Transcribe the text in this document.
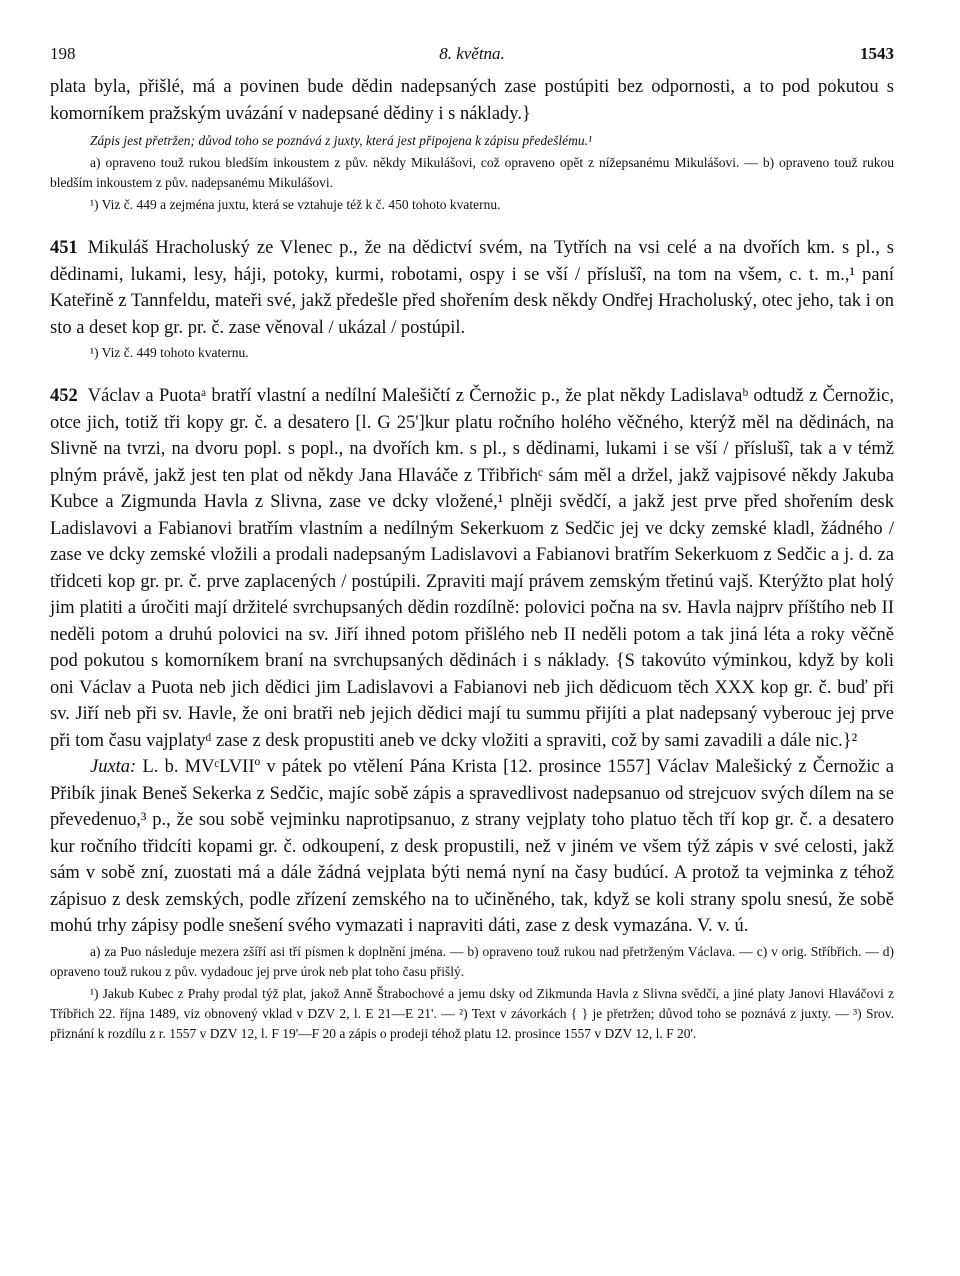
198	8. května.	1543

plata byla, přišlé, má a povinen bude dědin nadepsaných zase postúpiti bez odpornosti, a to pod pokutou s komorníkem pražským uvázání v nadepsané dědiny i s náklady.}

Zápis jest přetržen; důvod toho se poznává z juxty, která jest připojena k zápisu předešlému.¹

a) opraveno touž rukou bledším inkoustem z pův. někdy Mikulášovi, což opraveno opět z nížepsanému Mikulášovi. — b) opraveno touž rukou bledším inkoustem z pův. nadepsanému Mikulášovi.

¹) Viz č. 449 a zejména juxtu, která se vztahuje též k č. 450 tohoto kvaternu.

451 Mikuláš Hracholuský ze Vlenec p., že na dědictví svém, na Tytřích na vsi celé a na dvořích km. s pl., s dědinami, lukami, lesy, háji, potoky, kurmi, robotami, ospy i se vší / příslušî, na tom na všem, c. t. m.,¹ paní Kateřině z Tannfeldu, mateři své, jakž předešle před shořením desk někdy Ondřej Hracholuský, otec jeho, tak i on sto a deset kop gr. pr. č. zase věnoval / ukázal / postúpil.

¹) Viz č. 449 tohoto kvaternu.

452 Václav a Puotaᵃ bratří vlastní a nedílní Malešičtí z Černožic p., že plat někdy Ladislavaᵇ odtudž z Černožic, otce jich, totiž tři kopy gr. č. a desatero [l. G 25']kur platu ročního holého věčného, kterýž měl na dědinách, na Slivně na tvrzi, na dvoru popl. s popl., na dvořích km. s pl., s dědinami, lukami i se vší / příslušî, tak a v témž plným právě, jakž jest ten plat od někdy Jana Hlaváče z Třibřichᶜ sám měl a držel, jakž vajpisové někdy Jakuba Kubce a Zigmunda Havla z Slivna, zase ve dcky vložené,¹ plněji svědčí, a jakž jest prve před shořením desk Ladislavovi a Fabianovi bratřím vlastním a nedílným Sekerkuom z Sedčic jej ve dcky zemské kladl, žádného / zase ve dcky zemské vložili a prodali nadepsaným Ladislavovi a Fabianovi bratřím Sekerkuom z Sedčic a j. d. za třidceti kop gr. pr. č. prve zaplacených / postúpili. Zpraviti mají právem zemským třetinú vajš. Kterýžto plat holý jim platiti a úročiti mají držitelé svrchupsaných dědin rozdílně: polovici počna na sv. Havla najprv příštího neb II neděli potom a druhú polovici na sv. Jiří ihned potom přišlého neb II neděli potom a tak jiná léta a roky věčně pod pokutou s komorníkem braní na svrchupsaných dědinách i s náklady. {S takovúto výminkou, když by koli oni Václav a Puota neb jich dědici jim Ladislavovi a Fabianovi neb jich dědicuom těch XXX kop gr. č. buď při sv. Jiří neb při sv. Havle, že oni bratři neb jejich dědici mají tu summu přijíti a plat nadepsaný vyberouc jej prve při tom času vajplatyᵈ zase z desk propustiti aneb ve dcky vložiti a spraviti, což by sami zavadili a dále nic.}²

Juxta: L. b. MVᶜLVIIº v pátek po vtělení Pána Krista [12. prosince 1557] Václav Malešický z Černožic a Přibík jinak Beneš Sekerka z Sedčic, majíc sobě zápis a spravedlivost nadepsanuo od strejcuov svých dílem na se převedenuo,³ p., že sou sobě vejminku naprotipsanuo, z strany vejplaty toho platuo těch tří kop gr. č. a desatero kur ročního třidcíti kopami gr. č. odkoupení, z desk propustili, než v jiném ve všem týž zápis v své celosti, jakž sám v sobě zní, zuostati má a dále žádná vejplata býti nemá nyní na časy budúcí. A protož ta vejminka z téhož zápisuo z desk zemských, podle zřízení zemského na to učiněného, tak, když se koli strany spolu snesú, že sobě mohú trhy zápisy podle snešení svého vymazati i napraviti dáti, zase z desk vymazána. V. v. ú.

a) za Puo následuje mezera zšíří asi tří písmen k doplnění jména. — b) opraveno touž rukou nad přetrženým Václava. — c) v orig. Stříbřich. — d) opraveno touž rukou z pův. vydadouc jej prve úrok neb plat toho času přišlý.

¹) Jakub Kubec z Prahy prodal týž plat, jakož Anně Štrabochové a jemu dsky od Zikmunda Havla z Slivna svědčí, a jiné platy Janovi Hlaváčovi z Tříbřich 22. října 1489, viz obnovený vklad v DZV 2, l. E 21—E 21'. — ²) Text v závorkách { } je přetržen; důvod toho se poznává z juxty. — ³) Srov. přiznání k rozdílu z r. 1557 v DZV 12, l. F 19'—F 20 a zápis o prodeji téhož platu 12. prosince 1557 v DZV 12, l. F 20'.
